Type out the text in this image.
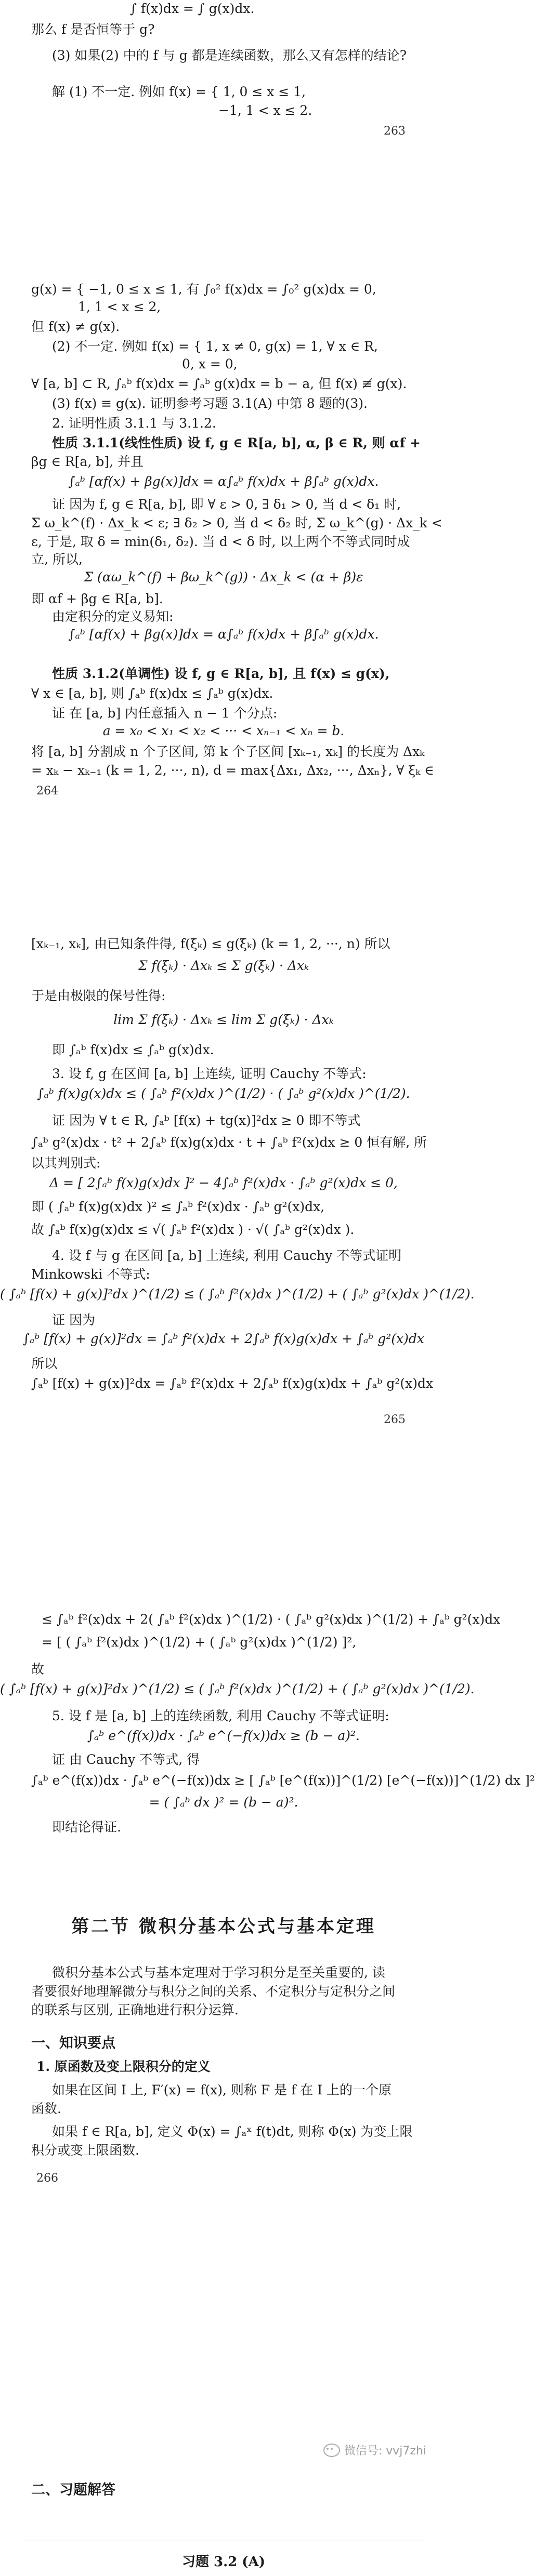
∫ f(x)dx = ∫ g(x)dx.
那么 f 是否恒等于 g?
(3) 如果(2) 中的 f 与 g 都是连续函数，那么又有怎样的结论?
解 (1) 不一定. 例如 f(x) = { 1, 0 ≤ x ≤ 1,
−1, 1 < x ≤ 2.
263
g(x) = { −1, 0 ≤ x ≤ 1, 有 ∫₀² f(x)dx = ∫₀² g(x)dx = 0,
1, 1 < x ≤ 2,
但 f(x) ≠ g(x).
(2) 不一定. 例如 f(x) = { 1, x ≠ 0, g(x) = 1, ∀ x ∈ R,
0, x = 0,
∀ [a, b] ⊂ R, ∫ₐᵇ f(x)dx = ∫ₐᵇ g(x)dx = b − a, 但 f(x) ≢ g(x).
(3) f(x) ≡ g(x). 证明参考习题 3.1(A) 中第 8 题的(3).
2. 证明性质 3.1.1 与 3.1.2.
性质 3.1.1(线性性质) 设 f, g ∈ R[a, b], α, β ∈ R, 则 αf +
βg ∈ R[a, b], 并且
∫ₐᵇ [αf(x) + βg(x)]dx = α∫ₐᵇ f(x)dx + β∫ₐᵇ g(x)dx.
证 因为 f, g ∈ R[a, b], 即 ∀ ε > 0, ∃ δ₁ > 0, 当 d < δ₁ 时,
Σ ω_k^(f) · Δx_k < ε; ∃ δ₂ > 0, 当 d < δ₂ 时, Σ ω_k^(g) · Δx_k <
ε, 于是, 取 δ = min(δ₁, δ₂). 当 d < δ 时, 以上两个不等式同时成
立, 所以,
Σ (αω_k^(f) + βω_k^(g)) · Δx_k < (α + β)ε
即 αf + βg ∈ R[a, b].
由定积分的定义易知:
∫ₐᵇ [αf(x) + βg(x)]dx = α∫ₐᵇ f(x)dx + β∫ₐᵇ g(x)dx.
性质 3.1.2(单调性) 设 f, g ∈ R[a, b], 且 f(x) ≤ g(x),
∀ x ∈ [a, b], 则 ∫ₐᵇ f(x)dx ≤ ∫ₐᵇ g(x)dx.
证 在 [a, b] 内任意插入 n − 1 个分点:
a = x₀ < x₁ < x₂ < ··· < xₙ₋₁ < xₙ = b.
将 [a, b] 分割成 n 个子区间, 第 k 个子区间 [xₖ₋₁, xₖ] 的长度为 Δxₖ
= xₖ − xₖ₋₁ (k = 1, 2, ···, n), d = max{Δx₁, Δx₂, ···, Δxₙ}, ∀ ξₖ ∈
264
[xₖ₋₁, xₖ], 由已知条件得, f(ξₖ) ≤ g(ξₖ) (k = 1, 2, ···, n) 所以
Σ f(ξₖ) · Δxₖ ≤ Σ g(ξₖ) · Δxₖ
于是由极限的保号性得:
lim Σ f(ξₖ) · Δxₖ ≤ lim Σ g(ξₖ) · Δxₖ
即 ∫ₐᵇ f(x)dx ≤ ∫ₐᵇ g(x)dx.
3. 设 f, g 在区间 [a, b] 上连续, 证明 Cauchy 不等式:
∫ₐᵇ f(x)g(x)dx ≤ ( ∫ₐᵇ f²(x)dx )^(1/2) · ( ∫ₐᵇ g²(x)dx )^(1/2).
证 因为 ∀ t ∈ R, ∫ₐᵇ [f(x) + tg(x)]²dx ≥ 0 即不等式
∫ₐᵇ g²(x)dx · t² + 2∫ₐᵇ f(x)g(x)dx · t + ∫ₐᵇ f²(x)dx ≥ 0 恒有解, 所
以其判别式:
Δ = [ 2∫ₐᵇ f(x)g(x)dx ]² − 4∫ₐᵇ f²(x)dx · ∫ₐᵇ g²(x)dx ≤ 0,
即 ( ∫ₐᵇ f(x)g(x)dx )² ≤ ∫ₐᵇ f²(x)dx · ∫ₐᵇ g²(x)dx,
故 ∫ₐᵇ f(x)g(x)dx ≤ √( ∫ₐᵇ f²(x)dx ) · √( ∫ₐᵇ g²(x)dx ).
4. 设 f 与 g 在区间 [a, b] 上连续, 利用 Cauchy 不等式证明
Minkowski 不等式:
( ∫ₐᵇ [f(x) + g(x)]²dx )^(1/2) ≤ ( ∫ₐᵇ f²(x)dx )^(1/2) + ( ∫ₐᵇ g²(x)dx )^(1/2).
证 因为
∫ₐᵇ [f(x) + g(x)]²dx = ∫ₐᵇ f²(x)dx + 2∫ₐᵇ f(x)g(x)dx + ∫ₐᵇ g²(x)dx
所以
∫ₐᵇ [f(x) + g(x)]²dx = ∫ₐᵇ f²(x)dx + 2∫ₐᵇ f(x)g(x)dx + ∫ₐᵇ g²(x)dx
265
≤ ∫ₐᵇ f²(x)dx + 2( ∫ₐᵇ f²(x)dx )^(1/2) · ( ∫ₐᵇ g²(x)dx )^(1/2) + ∫ₐᵇ g²(x)dx
= [ ( ∫ₐᵇ f²(x)dx )^(1/2) + ( ∫ₐᵇ g²(x)dx )^(1/2) ]²,
故
( ∫ₐᵇ [f(x) + g(x)]²dx )^(1/2) ≤ ( ∫ₐᵇ f²(x)dx )^(1/2) + ( ∫ₐᵇ g²(x)dx )^(1/2).
5. 设 f 是 [a, b] 上的连续函数, 利用 Cauchy 不等式证明:
∫ₐᵇ e^(f(x))dx · ∫ₐᵇ e^(−f(x))dx ≥ (b − a)².
证 由 Cauchy 不等式, 得
∫ₐᵇ e^(f(x))dx · ∫ₐᵇ e^(−f(x))dx ≥ [ ∫ₐᵇ [e^(f(x))]^(1/2) [e^(−f(x))]^(1/2) dx ]²
= ( ∫ₐᵇ dx )² = (b − a)².
即结论得证.
第二节 微积分基本公式与基本定理
微积分基本公式与基本定理对于学习积分是至关重要的, 读
者要很好地理解微分与积分之间的关系、不定积分与定积分之间
的联系与区别, 正确地进行积分运算.
一、知识要点
1. 原函数及变上限积分的定义
如果在区间 I 上, F′(x) = f(x), 则称 F 是 f 在 I 上的一个原
函数.
如果 f ∈ R[a, b], 定义 Φ(x) = ∫ₐˣ f(t)dt, 则称 Φ(x) 为变上限
积分或变上限函数.
266
微信号: vvj7zhi
二、习题解答
习题 3.2 (A)
